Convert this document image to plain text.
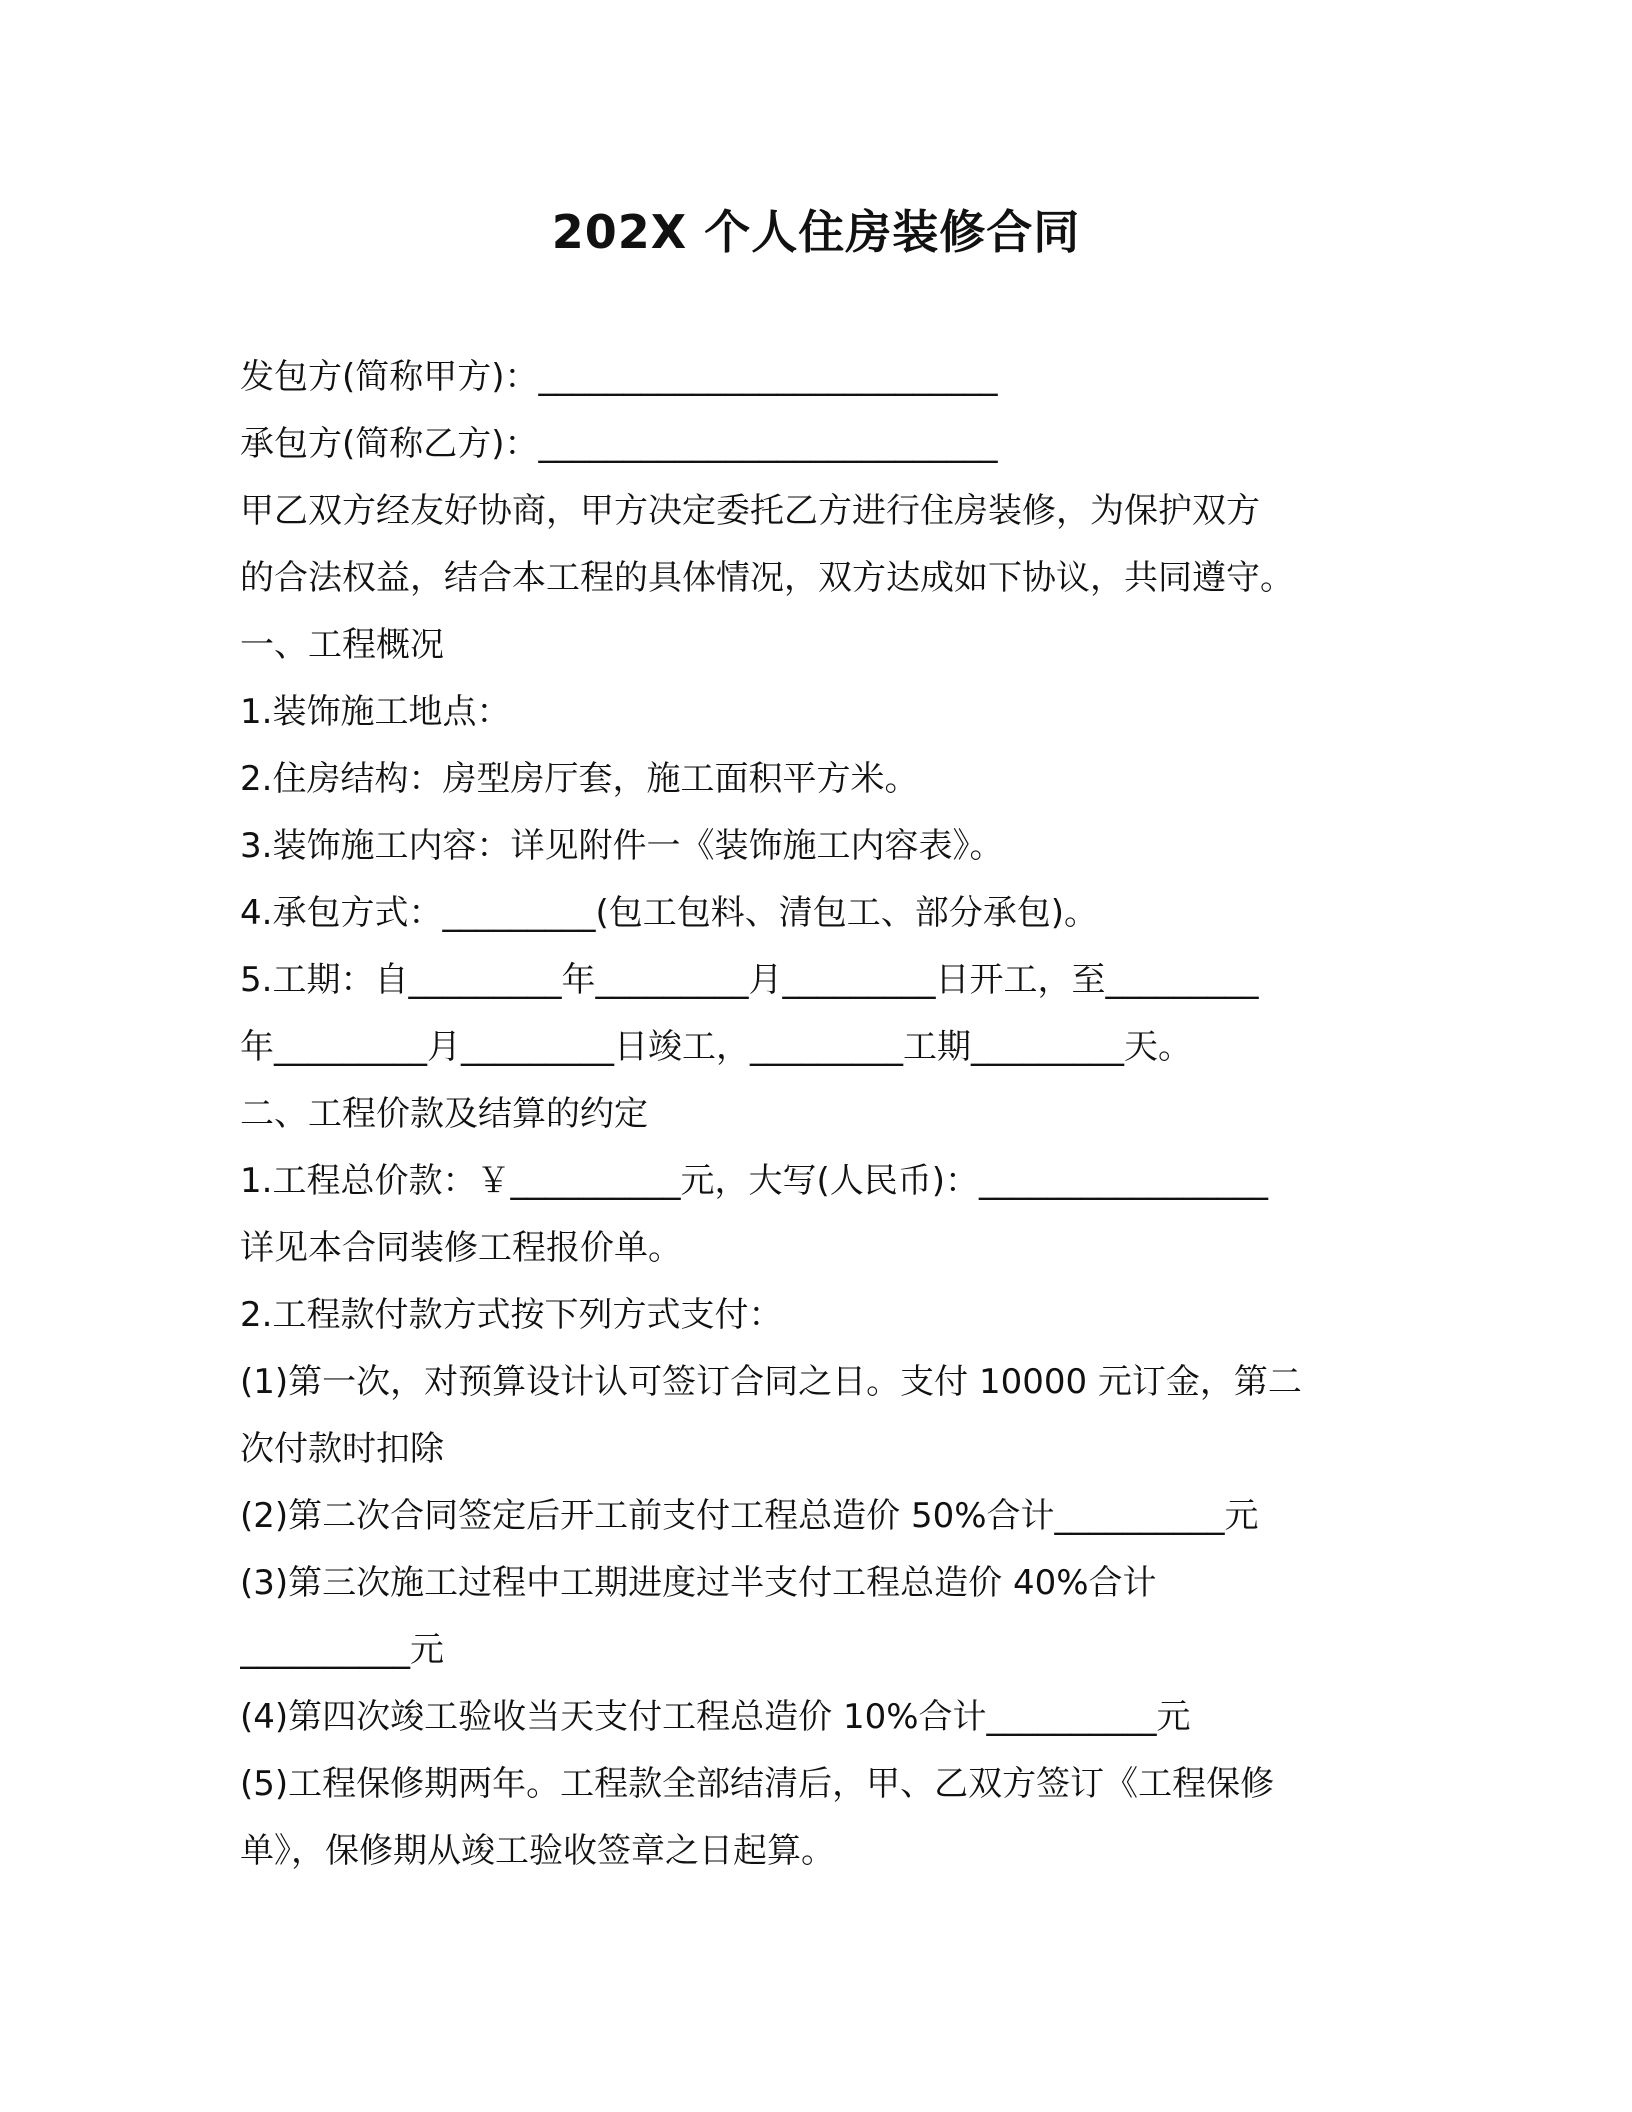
202X 个人住房装修合同

发包方(简称甲方)：___________________________

承包方(简称乙方)：___________________________

甲乙双方经友好协商，甲方决定委托乙方进行住房装修，为保护双方

的合法权益，结合本工程的具体情况，双方达成如下协议，共同遵守。

一、工程概况

1.装饰施工地点：

2.住房结构：房型房厅套，施工面积平方米。

3.装饰施工内容：详见附件一《装饰施工内容表》。

4.承包方式：_________(包工包料、清包工、部分承包)。

5.工期：自_________年_________月_________日开工，至_________

年_________月_________日竣工，_________工期_________天。

二、工程价款及结算的约定

1.工程总价款：￥__________元，大写(人民币)：_________________

详见本合同装修工程报价单。

2.工程款付款方式按下列方式支付：

(1)第一次，对预算设计认可签订合同之日。支付 10000 元订金，第二

次付款时扣除

(2)第二次合同签定后开工前支付工程总造价 50%合计__________元

(3)第三次施工过程中工期进度过半支付工程总造价 40%合计

__________元

(4)第四次竣工验收当天支付工程总造价 10%合计__________元

(5)工程保修期两年。工程款全部结清后，甲、乙双方签订《工程保修

单》，保修期从竣工验收签章之日起算。
